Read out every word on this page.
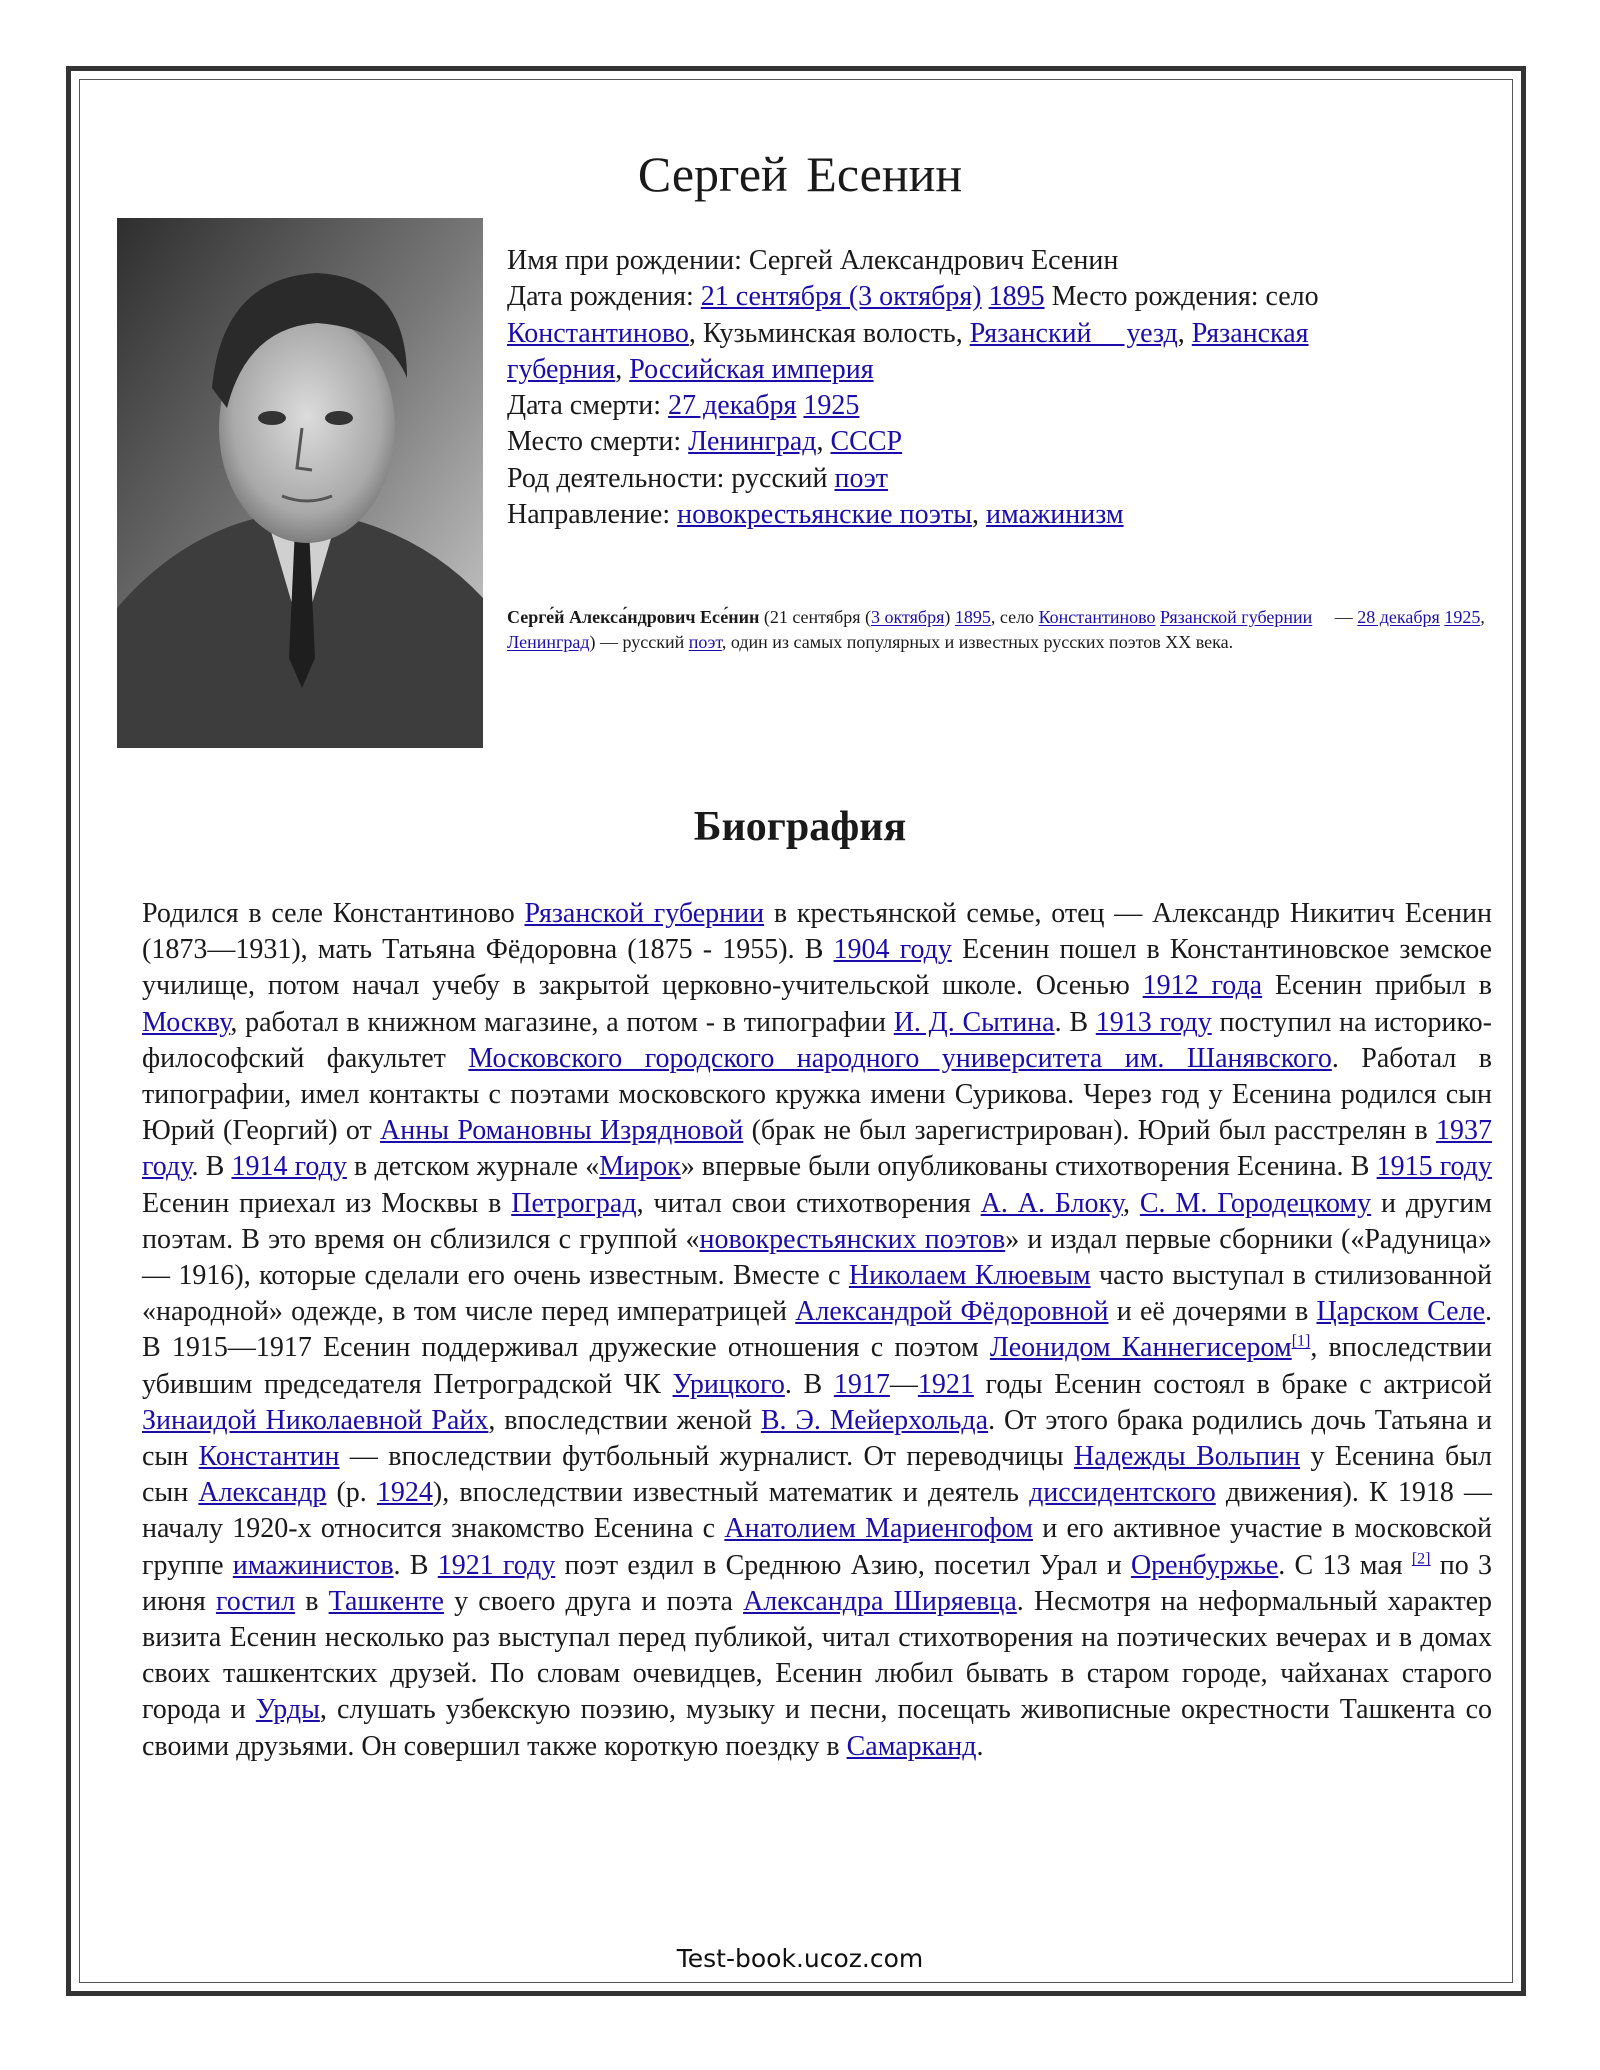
Сергей Есенин
Имя при рождении: Сергей Александрович Есенин
Дата рождения: 21 сентября (3 октября) 1895 Место рождения: село Константиново, Кузьминская волость, Рязанский     уезд, Рязанская губерния, Российская империя
Дата смерти: 27 декабря 1925
Место смерти: Ленинград, СССР
Род деятельности: русский поэт
Направление: новокрестьянские поэты, имажинизм
Серге́й Алекса́ндрович Есе́нин (21 сентября (3 октября) 1895, село Константиново Рязанской губернии     — 28 декабря 1925, Ленинград) — русский поэт, один из самых популярных и известных русских поэтов XX века.
Биография

Родился в селе Константиново Рязанской губернии в крестьянской семье, отец — Александр Никитич Есенин (1873—1931), мать Татьяна Фёдоровна (1875 - 1955). В 1904 году Есенин пошел в Константиновское земское училище, потом начал учебу в закрытой церковно-учительской школе. Осенью 1912 года Есенин прибыл в Москву, работал в книжном магазине, а потом - в типографии И. Д. Сытина. В 1913 году поступил на историко-философский факультет Московского городского народного университета им. Шанявского. Работал в типографии, имел контакты с поэтами московского кружка имени Сурикова. Через год у Есенина родился сын Юрий (Георгий) от Анны Романовны Изрядновой (брак не был зарегистрирован). Юрий был расстрелян в 1937 году. В 1914 году в детском журнале «Мирок» впервые были опубликованы стихотворения Есенина. В 1915 году Есенин приехал из Москвы в Петроград, читал свои стихотворения А. А. Блоку, С. М. Городецкому и другим поэтам. В это время он сблизился с группой «новокрестьянских поэтов» и издал первые сборники («Радуница» — 1916), которые сделали его очень известным. Вместе с Николаем Клюевым часто выступал в стилизованной «народной» одежде, в том числе перед императрицей Александрой Фёдоровной и её дочерями в Царском Селе. В 1915—1917 Есенин поддерживал дружеские отношения с поэтом Леонидом Каннегисером[1], впоследствии убившим председателя Петроградской ЧК Урицкого. В 1917—1921 годы Есенин состоял в браке с актрисой Зинаидой Николаевной Райх, впоследствии женой В. Э. Мейерхольда. От этого брака родились дочь Татьяна и сын Константин — впоследствии футбольный журналист. От переводчицы Надежды Вольпин у Есенина был сын Александр (р. 1924), впоследствии известный математик и деятель диссидентского движения). К 1918 — началу 1920-х относится знакомство Есенина с Анатолием Мариенгофом и его активное участие в московской группе имажинистов. В 1921 году поэт ездил в Среднюю Азию, посетил Урал и Оренбуржье. С 13 мая [2] по 3 июня гостил в Ташкенте у своего друга и поэта Александра Ширяевца. Несмотря на неформальный характер визита Есенин несколько раз выступал перед публикой, читал стихотворения на поэтических вечерах и в домах своих ташкентских друзей. По словам очевидцев, Есенин любил бывать в старом городе, чайханах старого города и Урды, слушать узбекскую поэзию, музыку и песни, посещать живописные окрестности Ташкента со своими друзьями. Он совершил также короткую поездку в Самарканд.

Test-book.ucoz.com
